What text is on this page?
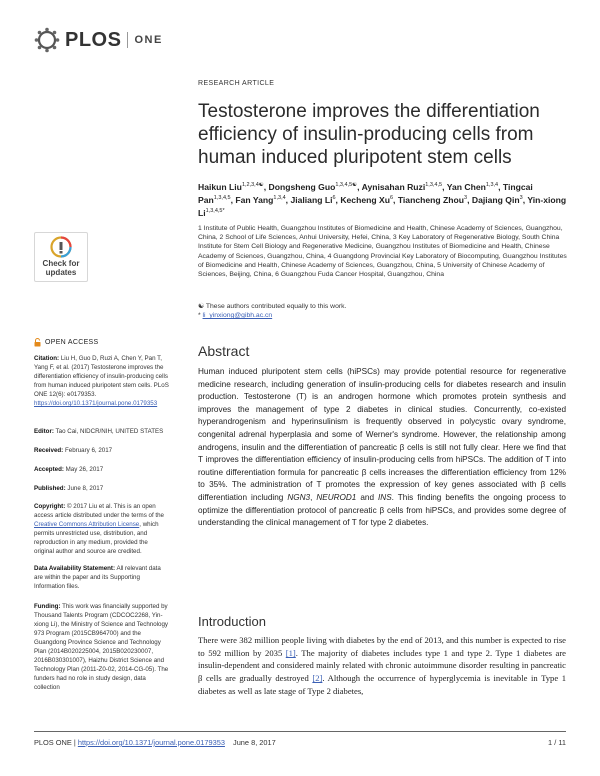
PLOS ONE
Check for
updates
OPEN ACCESS
Citation: Liu H, Guo D, Ruzi A, Chen Y, Pan T, Yang F, et al. (2017) Testosterone improves the differentiation efficiency of insulin-producing cells from human induced pluripotent stem cells. PLoS ONE 12(6): e0179353. https://doi.org/10.1371/journal.pone.0179353
Editor: Tao Cai, NIDCR/NIH, UNITED STATES
Received: February 6, 2017
Accepted: May 26, 2017
Published: June 8, 2017
Copyright: © 2017 Liu et al. This is an open access article distributed under the terms of the Creative Commons Attribution License, which permits unrestricted use, distribution, and reproduction in any medium, provided the original author and source are credited.
Data Availability Statement: All relevant data are within the paper and its Supporting Information files.
Funding: This work was financially supported by Thousand Talents Program (CDCOC2268, Yin-xiong Li), the Ministry of Science and Technology 973 Program (2015CB964700) and the Guangdong Province Science and Technology Plan (2014B020225004, 2015B020230007, 2016B030301007), Haizhu District Science and Technology Plan (2011-Z0-02, 2014-CG-05). The funders had no role in study design, data collection
RESEARCH ARTICLE
Testosterone improves the differentiation efficiency of insulin-producing cells from human induced pluripotent stem cells
Haikun Liu$^{1,2,3,4☯}$, Dongsheng Guo$^{1,3,4,5☯}$, Aynisahan Ruzi$^{1,3,4,5}$, Yan Chen$^{1,3,4}$, Tingcai Pan$^{1,3,4,5}$, Fan Yang$^{1,3,4}$, Jialiang Li$^6$, Kecheng Xu$^6$, Tiancheng Zhou$^3$, Dajiang Qin$^3$, Yin-xiong $Li^{1,3,4,5*}$
1 Institute of Public Health, Guangzhou Institutes of Biomedicine and Health, Chinese Academy of Sciences, Guangzhou, China, 2 School of Life Sciences, Anhui University, Hefei, China, 3 Key Laboratory of Regenerative Biology, South China Institute for Stem Cell Biology and Regenerative Medicine, Guangzhou Institutes of Biomedicine and Health, Chinese Academy of Sciences, Guangzhou, China, 4 Guangdong Provincial Key Laboratory of Biocomputing, Guangzhou Institutes of Biomedicine and Health, Chinese Academy of Sciences, Guangzhou, China, 5 University of Chinese Academy of Sciences, Beijing, China, 6 Guangzhou Fuda Cancer Hospital, Guangzhou, China
☯ These authors contributed equally to this work.
* li_yinxiong@gibh.ac.cn
Abstract
Human induced pluripotent stem cells (hiPSCs) may provide potential resource for regenerative medicine research, including generation of insulin-producing cells for diabetes research and insulin production. Testosterone (T) is an androgen hormone which promotes protein synthesis and improves the management of type 2 diabetes in clinical studies. Concurrently, co-existed hyperandrogenism and hyperinsulinism is frequently observed in polycystic ovary syndrome, congenital adrenal hyperplasia and some of Werner's syndrome. However, the relationship among androgens, insulin and the differentiation of pancreatic β cells is still not fully clear. Here we find that T improves the differentiation efficiency of insulin-producing cells from hiPSCs. The addition of T into routine differentiation formula for pancreatic β cells increases the differentiation efficiency from 12% to 35%. The administration of T promotes the expression of key genes associated with β cells differentiation including NGN3, NEUROD1 and INS. This finding benefits the ongoing process to optimize the differentiation protocol of pancreatic β cells from hiPSCs, and provides some degree of understanding the clinical management of T for type 2 diabetes.
Introduction
There were 382 million people living with diabetes by the end of 2013, and this number is expected to rise to 592 million by 2035 [1]. The majority of diabetes includes type 1 and type 2. Type 1 diabetes are insulin-dependent and considered mainly related with chronic autoimmune disorder resulting in pancreatic β cells are gradually destroyed [2]. Although the occurrence of hyperglycemia is inevitable in Type 1 diabetes as well as late stage of Type 2 diabetes,
PLOS ONE | https://doi.org/10.1371/journal.pone.0179353 June 8, 2017	1 / 11
